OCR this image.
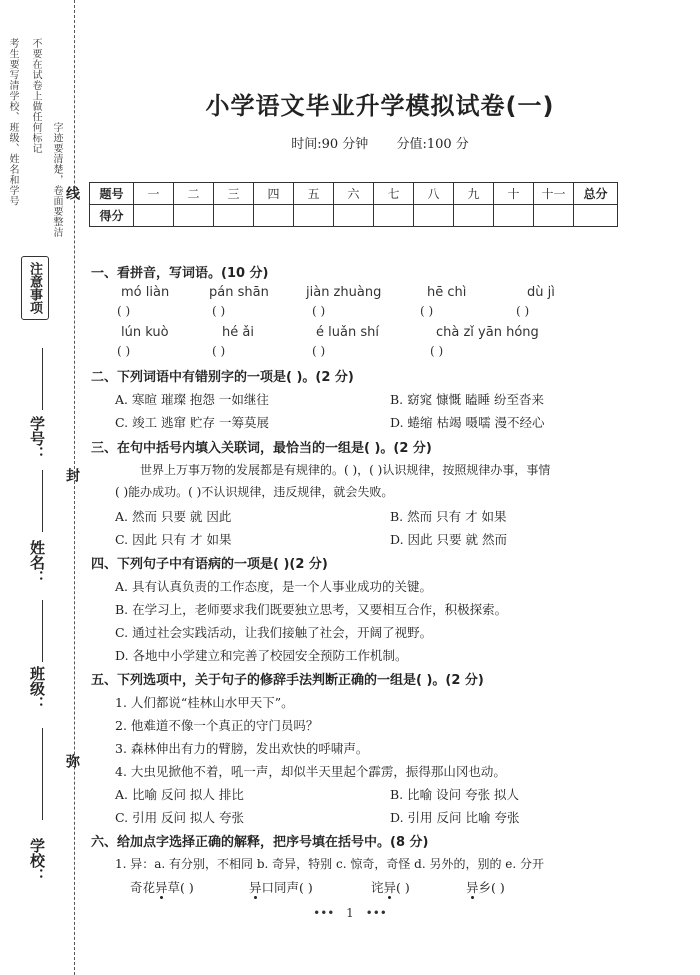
考生要写清学校、班级、姓名和学号 不要在试卷上做任何标记
字迹要清楚，卷面要整洁
注意事项
线
封
弥
学号：
姓名：
班级：
学校：
小学语文毕业升学模拟试卷(一)
时间:90 分钟 分值:100 分
题号	一	二	三	四	五	六	七	八	九	十	十一	总分
得分												
一、看拼音，写词语。(10 分)
mó liàn	pán shān	jiàn zhuàng	hē chì	dù jì
( )	( )	( )	( )	( )
lún kuò	hé ǎi	é luǎn shí	chà zǐ yān hóng
( )	( )	( )	( )
二、下列词语中有错别字的一项是( )。(2 分)
A. 寒暄 璀璨 抱怨 一如继往	B. 窈窕 慷慨 瞌睡 纷至沓来
C. 竣工 逃窜 贮存 一筹莫展	D. 蜷缩 枯竭 嗫嚅 漫不经心
三、在句中括号内填入关联词，最恰当的一组是( )。(2 分)
世界上万事万物的发展都是有规律的。( )，( )认识规律，按照规律办事，事情
( )能办成功。( )不认识规律，违反规律，就会失败。
A. 然而 只要 就 因此	B. 然而 只有 才 如果
C. 因此 只有 才 如果	D. 因此 只要 就 然而
四、下列句子中有语病的一项是( )(2 分)
A. 具有认真负责的工作态度，是一个人事业成功的关键。
B. 在学习上，老师要求我们既要独立思考，又要相互合作，积极探索。
C. 通过社会实践活动，让我们接触了社会，开阔了视野。
D. 各地中小学建立和完善了校园安全预防工作机制。
五、下列选项中，关于句子的修辞手法判断正确的一组是( )。(2 分)
1. 人们都说“桂林山水甲天下”。
2. 他难道不像一个真正的守门员吗？
3. 森林伸出有力的臂膀，发出欢快的呼啸声。
4. 大虫见掀他不着，吼一声，却似半天里起个霹雳，振得那山冈也动。
A. 比喻 反问 拟人 排比	B. 比喻 设问 夸张 拟人
C. 引用 反问 拟人 夸张	D. 引用 反问 比喻 夸张
六、给加点字选择正确的解释，把序号填在括号中。(8 分)
1. 异：a. 有分别，不相同 b. 奇异，特别 c. 惊奇，奇怪 d. 另外的，别的 e. 分开
奇花异草( )	异口同声( )	诧异( )	异乡( )
••• 1 •••
